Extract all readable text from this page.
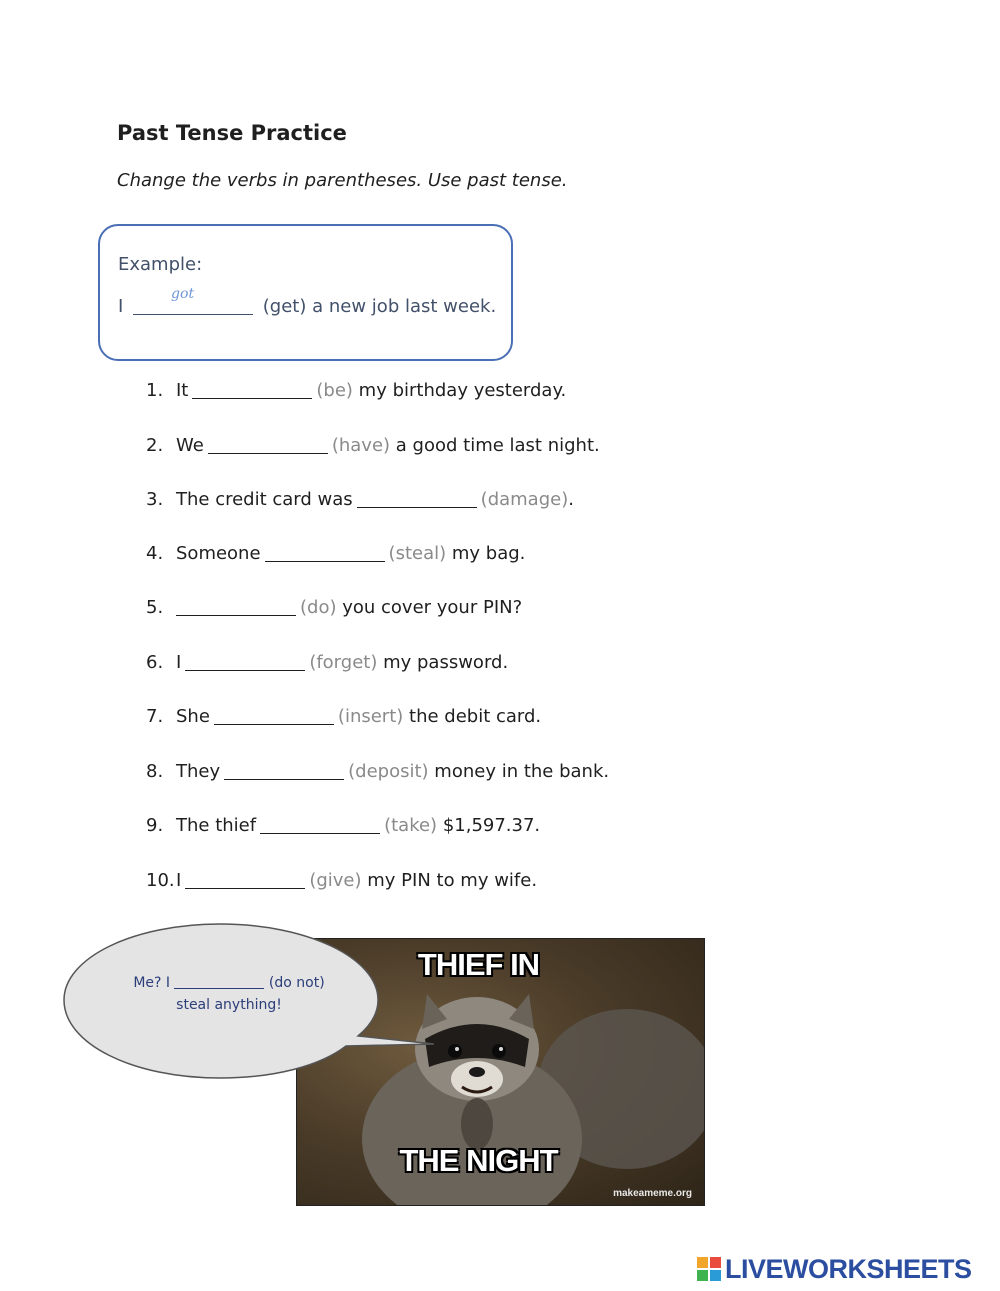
Past Tense Practice
Change the verbs in parentheses. Use past tense.
Example:
I
got
(get) a new job last week.
1. It	(be) my birthday yesterday.
2. We	(have) a good time last night.
3. The credit card was	(damage).
4. Someone	(steal) my bag.
5.	(do) you cover your PIN?
6. I	(forget) my password.
7. She	(insert) the debit card.
8. They	(deposit) money in the bank.
9. The thief	(take) $1,597.37.
10.I	(give) my PIN to my wife.
THIEF IN
THE NIGHT
makeameme.org
Me? I	(do not)
steal anything!
LIVEWORKSHEETS
